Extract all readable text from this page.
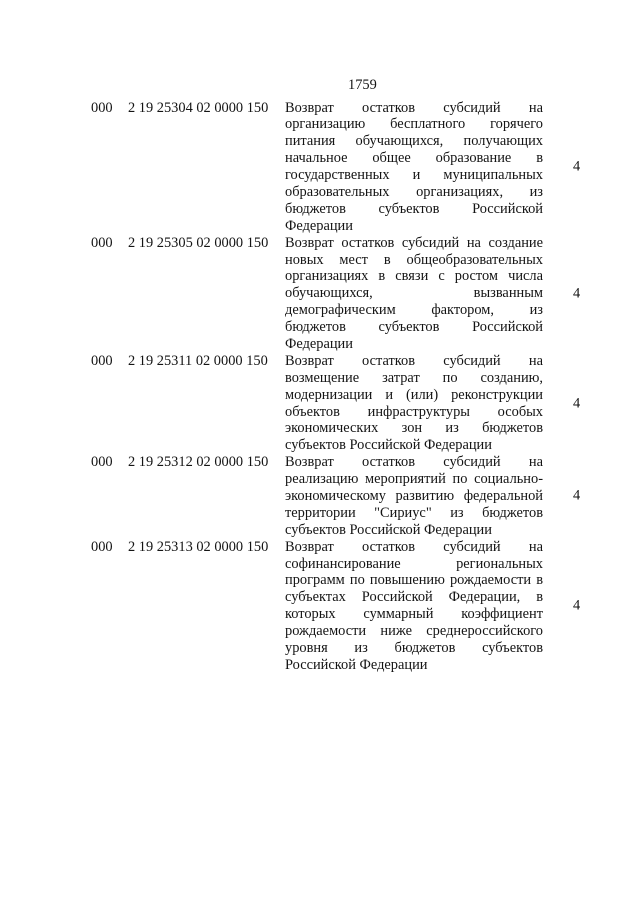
1759
000 2 19 25304 02 0000 150 Возврат остатков субсидий на
организацию бесплатного горячего
питания обучающихся, получающих
начальное общее образование в
государственных и муниципальных
образовательных организациях, из
бюджетов субъектов Российской
Федерации
4
000 2 19 25305 02 0000 150 Возврат остатков субсидий на создание
новых мест в общеобразовательных
организациях в связи с ростом числа
обучающихся, вызванным
демографическим фактором, из
бюджетов субъектов Российской
Федерации
4
000 2 19 25311 02 0000 150 Возврат остатков субсидий на
возмещение затрат по созданию,
модернизации и (или) реконструкции
объектов инфраструктуры особых
экономических зон из бюджетов
субъектов Российской Федерации
4
000 2 19 25312 02 0000 150 Возврат остатков субсидий на
реализацию мероприятий по социально-
экономическому развитию федеральной
территории "Сириус" из бюджетов
субъектов Российской Федерации
4
000 2 19 25313 02 0000 150 Возврат остатков субсидий на
софинансирование региональных
программ по повышению рождаемости в
субъектах Российской Федерации, в
которых суммарный коэффициент
рождаемости ниже среднероссийского
уровня из бюджетов субъектов
Российской Федерации
4
